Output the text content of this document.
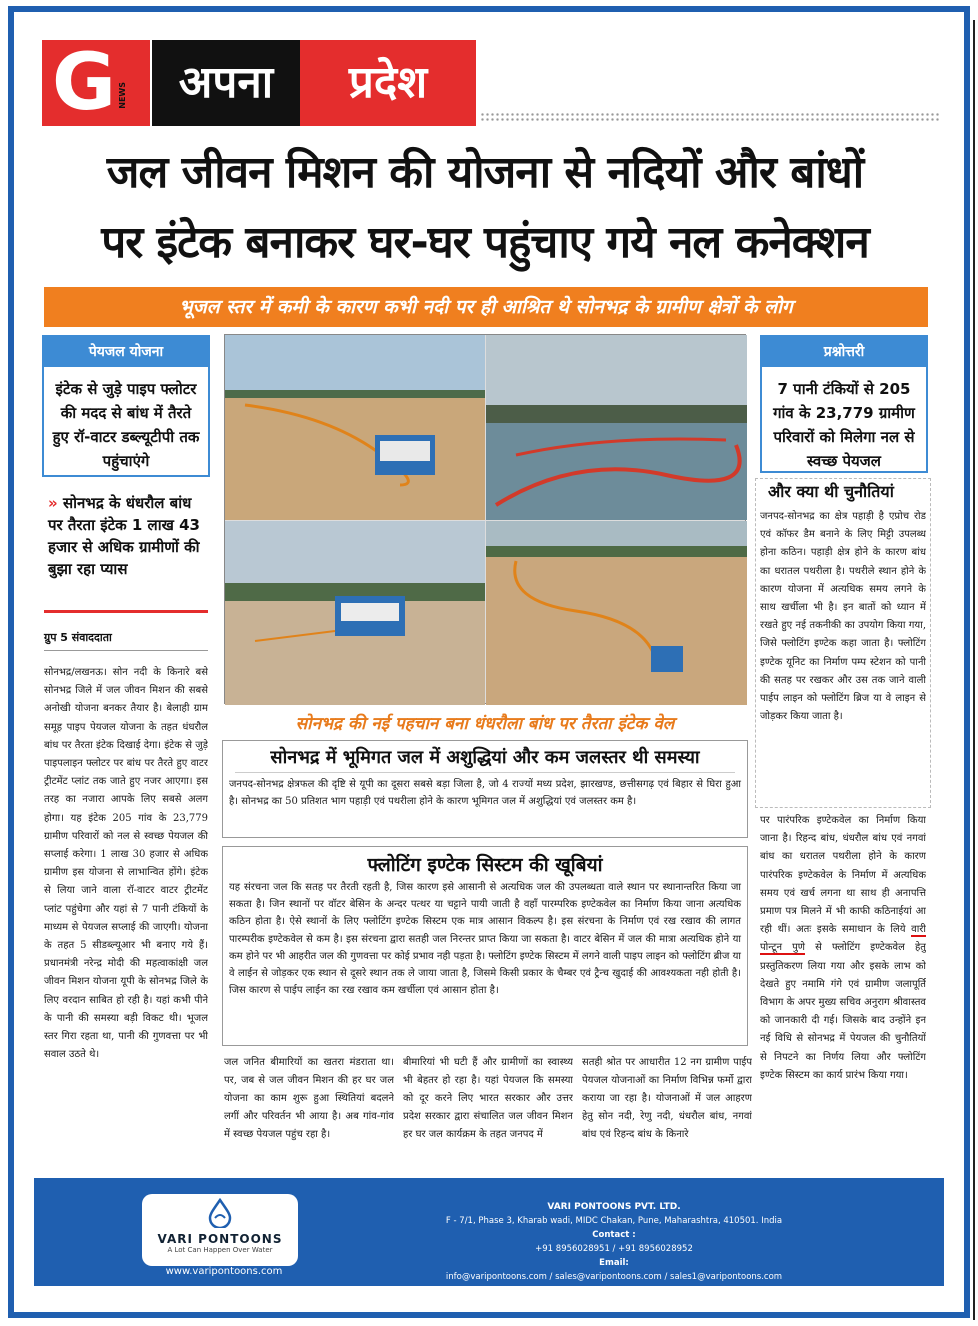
G NEWS	अपना	प्रदेश
जल जीवन मिशन की योजना से नदियों और बांधों
पर इंटेक बनाकर घर-घर पहुंचाए गये नल कनेक्शन
भूजल स्तर में कमी के कारण कभी नदी पर ही आश्रित थे सोनभद्र के ग्रामीण क्षेत्रों के लोग
पेयजल योजना
इंटेक से जुड़े पाइप फ्लोटर की मदद से बांध में तैरते हुए रॉ-वाटर डब्ल्यूटीपी तक पहुंचाएंगे
» सोनभद्र के धंधरौल बांध पर तैरता इंटेक 1 लाख 43 हजार से अधिक ग्रामीणों की बुझा रहा प्यास
ग्रुप 5 संवाददाता
सोनभद्र/लखनऊ। सोन नदी के किनारे बसे सोनभद्र जिले में जल जीवन मिशन की सबसे अनोखी योजना बनकर तैयार है। बेलाही ग्राम समूह पाइप पेयजल योजना के तहत धंधरौल बांध पर तैरता इंटेक दिखाई देगा। इंटेक से जुड़े पाइपलाइन फ्लोटर पर बांध पर तैरते हुए वाटर ट्रीटमेंट प्लांट तक जाते हुए नजर आएगा। इस तरह का नजारा आपके लिए सबसे अलग होगा। यह इंटेक 205 गांव के 23,779 ग्रामीण परिवारों को नल से स्वच्छ पेयजल की सप्लाई करेगा। 1 लाख 30 हजार से अधिक ग्रामीण इस योजना से लाभान्वित होंगे। इंटेक से लिया जाने वाला रॉ-वाटर वाटर ट्रीटमेंट प्लांट पहुंचेगा और यहां से 7 पानी टंकियों के माध्यम से पेयजल सप्लाई की जाएगी। योजना के तहत 5 सीडब्ल्यूआर भी बनाए गये हैं। प्रधानमंत्री नरेन्द्र मोदी की महत्वाकांक्षी जल जीवन मिशन योजना यूपी के सोनभद्र जिले के लिए वरदान साबित हो रही है। यहां कभी पीने के पानी की समस्या बड़ी विकट थी। भूजल स्तर गिरा रहता था, पानी की गुणवत्ता पर भी सवाल उठते थे।
सोनभद्र की नई पहचान बना धंधरौला बांध पर तैरता इंटेक वेल
सोनभद्र में भूमिगत जल में अशुद्धियां और कम जलस्तर थी समस्या

जनपद-सोनभद्र क्षेत्रफल की दृष्टि से यूपी का दूसरा सबसे बड़ा जिला है, जो 4 राज्यों मध्य प्रदेश, झारखण्ड, छत्तीसगढ़ एवं बिहार से घिरा हुआ है। सोनभद्र का 50 प्रतिशत भाग पहाड़ी एवं पथरीला होने के कारण भूमिगत जल में अशुद्धियां एवं जलस्तर कम है।

फ्लोटिंग इण्टेक सिस्टम की खूबियां

यह संरचना जल कि सतह पर तैरती रहती है, जिस कारण इसे आसानी से अत्यधिक जल की उपलब्धता वाले स्थान पर स्थानान्तरित किया जा सकता है। जिन स्थानों पर वॉटर बेसिन के अन्दर पत्थर या चट्टाने पायी जाती है वहाँ पारम्परिक इण्टेकवेल का निर्माण किया जाना अत्यधिक कठिन होता है। ऐसे स्थानों के लिए फ्लोटिंग इण्टेक सिस्टम एक मात्र आसान विकल्प है। इस संरचना के निर्माण एवं रख रखाव की लागत पारम्परीक इण्टेकवेल से कम है। इस संरचना द्वारा सतही जल निरन्तर प्राप्त किया जा सकता है। वाटर बेसिन में जल की मात्रा अत्यधिक होने या कम होने पर भी आहरीत जल की गुणवत्ता पर कोई प्रभाव नही पड़ता है। फ्लोटिंग इण्टेक सिस्टम में लगने वाली पाइप लाइन को फ्लोटिंग ब्रीज या वे लाईन से जोड़कर एक स्थान से दूसरे स्थान तक ले जाया जाता है, जिसमे किसी प्रकार के चैम्बर एवं ट्रैन्च खुदाई की आवश्यकता नही होती है। जिस कारण से पाईप लाईन का रख रखाव कम खर्चीला एवं आसान होता है।

जल जनित बीमारियों का खतरा मंडराता था। पर, जब से जल जीवन मिशन की हर घर जल योजना का काम शुरू हुआ स्थितियां बदलने लगीं और परिवर्तन भी आया है। अब गांव-गांव में स्वच्छ पेयजल पहुंच रहा है।
बीमारियां भी घटी हैं और ग्रामीणों का स्वास्थ्य भी बेहतर हो रहा है। यहां पेयजल कि समस्या को दूर करने लिए भारत सरकार और उत्तर प्रदेश सरकार द्वारा संचालित जल जीवन मिशन हर घर जल कार्यक्रम के तहत जनपद में
सतही श्रोत पर आधारीत 12 नग ग्रामीण पाईप पेयजल योजनाओं का निर्माण विभिन्न फर्मो द्वारा कराया जा रहा है। योजनाओं में जल आहरण हेतु सोन नदी, रेणु नदी, धंधरौल बांध, नगवां बांध एवं रिहन्द बांध के किनारे
प्रश्नोत्तरी
7 पानी टंकियों से 205 गांव के 23,779 ग्रामीण परिवारों को मिलेगा नल से स्वच्छ पेयजल
और क्या थी चुनौतियां
जनपद-सोनभद्र का क्षेत्र पहाड़ी है एप्रोच रोड एवं कॉफर डैम बनाने के लिए मिट्टी उपलब्ध होना कठिन। पहाड़ी क्षेत्र होने के कारण बांध का धरातल पथरीला है। पथरीले स्थान होने के कारण योजना में अत्यधिक समय लगने के साथ खर्चीला भी है। इन बातों को ध्यान में रखते हुए नई तकनीकी का उपयोग किया गया, जिसे फ्लोटिंग इण्टेक कहा जाता है। फ्लोटिंग इण्टेक यूनिट का निर्माण पम्प स्टेशन को पानी की सतह पर रखकर और उस तक जाने वाली पाईप लाइन को फ्लोटिंग ब्रिज या वे लाइन से जोड़कर किया जाता है।
पर पारंपरिक इण्टेकवेल का निर्माण किया जाना है। रिहन्द बांध, धंधरौल बांध एवं नगवां बांध का धरातल पथरीला होने के कारण पारंपरिक इण्टेकवेल के निर्माण में अत्यधिक समय एवं खर्च लगना था साथ ही अनापत्ति प्रमाण पत्र मिलने में भी काफी कठिनाईयां आ रही थीं। अतः इसके समाधान के लिये वारी पोन्टून पुणे से फ्लोटिंग इण्टेकवेल हेतु प्रस्तुतिकरण लिया गया और इसके लाभ को देखते हुए नमामि गंगे एवं ग्रामीण जलापूर्ति विभाग के अपर मुख्य सचिव अनुराग श्रीवास्तव को जानकारी दी गई। जिसके बाद उन्होंने इन नई विधि से सोनभद्र में पेयजल की चुनौतियों से निपटने का निर्णय लिया और फ्लोटिंग इण्टेक सिस्टम का कार्य प्रारंभ किया गया।
VARI PONTOONS
A Lot Can Happen Over Water
www.varipontoons.com
VARI PONTOONS PVT. LTD.
F - 7/1, Phase 3, Kharab wadi, MIDC Chakan, Pune, Maharashtra, 410501. India
Contact :
+91 8956028951 / +91 8956028952
Email:
info@varipontoons.com / sales@varipontoons.com / sales1@varipontoons.com
